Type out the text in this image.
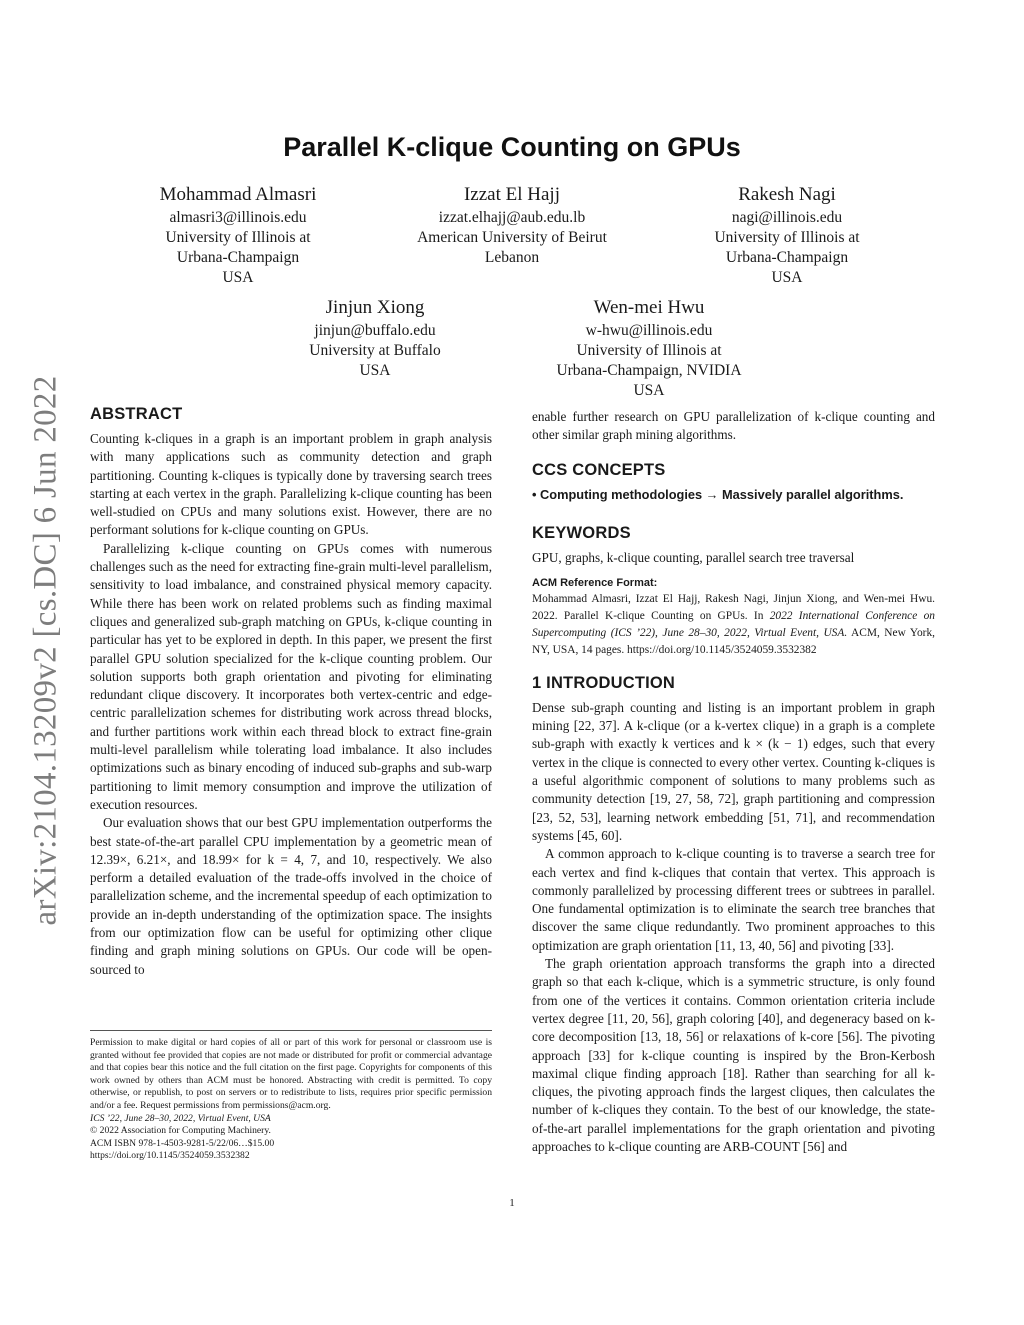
arXiv:2104.13209v2 [cs.DC] 6 Jun 2022
Parallel K-clique Counting on GPUs
Mohammad Almasri
almasri3@illinois.edu
University of Illinois at
Urbana-Champaign
USA
Izzat El Hajj
izzat.elhajj@aub.edu.lb
American University of Beirut
Lebanon
Rakesh Nagi
nagi@illinois.edu
University of Illinois at
Urbana-Champaign
USA
Jinjun Xiong
jinjun@buffalo.edu
University at Buffalo
USA
Wen-mei Hwu
w-hwu@illinois.edu
University of Illinois at
Urbana-Champaign, NVIDIA
USA
ABSTRACT

Counting k-cliques in a graph is an important problem in graph analysis with many applications such as community detection and graph partitioning. Counting k-cliques is typically done by traversing search trees starting at each vertex in the graph. Parallelizing k-clique counting has been well-studied on CPUs and many solutions exist. However, there are no performant solutions for k-clique counting on GPUs.

Parallelizing k-clique counting on GPUs comes with numerous challenges such as the need for extracting fine-grain multi-level parallelism, sensitivity to load imbalance, and constrained physical memory capacity. While there has been work on related problems such as finding maximal cliques and generalized sub-graph matching on GPUs, k-clique counting in particular has yet to be explored in depth. In this paper, we present the first parallel GPU solution specialized for the k-clique counting problem. Our solution supports both graph orientation and pivoting for eliminating redundant clique discovery. It incorporates both vertex-centric and edge-centric parallelization schemes for distributing work across thread blocks, and further partitions work within each thread block to extract fine-grain multi-level parallelism while tolerating load imbalance. It also includes optimizations such as binary encoding of induced sub-graphs and sub-warp partitioning to limit memory consumption and improve the utilization of execution resources.

Our evaluation shows that our best GPU implementation outperforms the best state-of-the-art parallel CPU implementation by a geometric mean of 12.39×, 6.21×, and 18.99× for k = 4, 7, and 10, respectively. We also perform a detailed evaluation of the trade-offs involved in the choice of parallelization scheme, and the incremental speedup of each optimization to provide an in-depth understanding of the optimization space. The insights from our optimization flow can be useful for optimizing other clique finding and graph mining solutions on GPUs. Our code will be open-sourced to

Permission to make digital or hard copies of all or part of this work for personal or classroom use is granted without fee provided that copies are not made or distributed for profit or commercial advantage and that copies bear this notice and the full citation on the first page. Copyrights for components of this work owned by others than ACM must be honored. Abstracting with credit is permitted. To copy otherwise, or republish, to post on servers or to redistribute to lists, requires prior specific permission and/or a fee. Request permissions from permissions@acm.org.
ICS ’22, June 28–30, 2022, Virtual Event, USA
© 2022 Association for Computing Machinery.
ACM ISBN 978-1-4503-9281-5/22/06…$15.00
https://doi.org/10.1145/3524059.3532382

enable further research on GPU parallelization of k-clique counting and other similar graph mining algorithms.

CCS CONCEPTS

• Computing methodologies → Massively parallel algorithms.

KEYWORDS

GPU, graphs, k-clique counting, parallel search tree traversal

ACM Reference Format:

Mohammad Almasri, Izzat El Hajj, Rakesh Nagi, Jinjun Xiong, and Wen-mei Hwu. 2022. Parallel K-clique Counting on GPUs. In 2022 International Conference on Supercomputing (ICS ’22), June 28–30, 2022, Virtual Event, USA. ACM, New York, NY, USA, 14 pages. https://doi.org/10.1145/3524059.3532382

1 INTRODUCTION

Dense sub-graph counting and listing is an important problem in graph mining [22, 37]. A k-clique (or a k-vertex clique) in a graph is a complete sub-graph with exactly k vertices and k × (k − 1) edges, such that every vertex in the clique is connected to every other vertex. Counting k-cliques is a useful algorithmic component of solutions to many problems such as community detection [19, 27, 58, 72], graph partitioning and compression [23, 52, 53], learning network embedding [51, 71], and recommendation systems [45, 60].

A common approach to k-clique counting is to traverse a search tree for each vertex and find k-cliques that contain that vertex. This approach is commonly parallelized by processing different trees or subtrees in parallel. One fundamental optimization is to eliminate the search tree branches that discover the same clique redundantly. Two prominent approaches to this optimization are graph orientation [11, 13, 40, 56] and pivoting [33].

The graph orientation approach transforms the graph into a directed graph so that each k-clique, which is a symmetric structure, is only found from one of the vertices it contains. Common orientation criteria include vertex degree [11, 20, 56], graph coloring [40], and degeneracy based on k-core decomposition [13, 18, 56] or relaxations of k-core [56]. The pivoting approach [33] for k-clique counting is inspired by the Bron-Kerbosh maximal clique finding approach [18]. Rather than searching for all k-cliques, the pivoting approach finds the largest cliques, then calculates the number of k-cliques they contain. To the best of our knowledge, the state-of-the-art parallel implementations for the graph orientation and pivoting approaches to k-clique counting are ARB-COUNT [56] and

1
